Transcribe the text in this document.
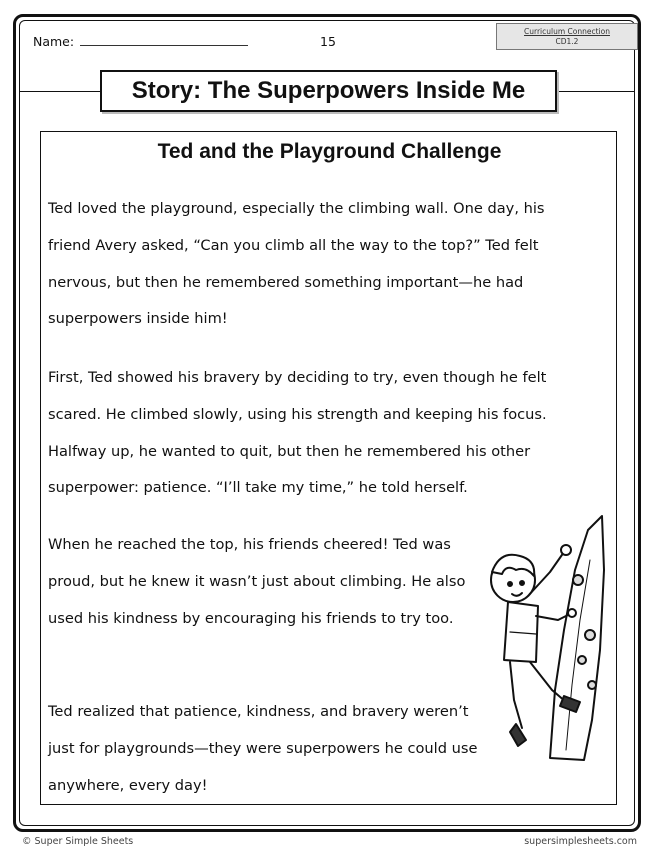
Name:	15
Curriculum Connection
CD1.2
Story: The Superpowers Inside Me
Ted and the Playground Challenge

Ted loved the playground, especially the climbing wall. One day, his friend Avery asked, “Can you climb all the way to the top?” Ted felt nervous, but then he remembered something important—he had superpowers inside him!

First, Ted showed his bravery by deciding to try, even though he felt scared. He climbed slowly, using his strength and keeping his focus. Halfway up, he wanted to quit, but then he remembered his other superpower: patience. “I’ll take my time,” he told herself.

When he reached the top, his friends cheered! Ted was proud, but he knew it wasn’t just about climbing. He also used his kindness by encouraging his friends to try too.

Ted realized that patience, kindness, and bravery weren’t just for playgrounds—they were superpowers he could use anywhere, every day!

© Super Simple Sheets	supersimplesheets.com
